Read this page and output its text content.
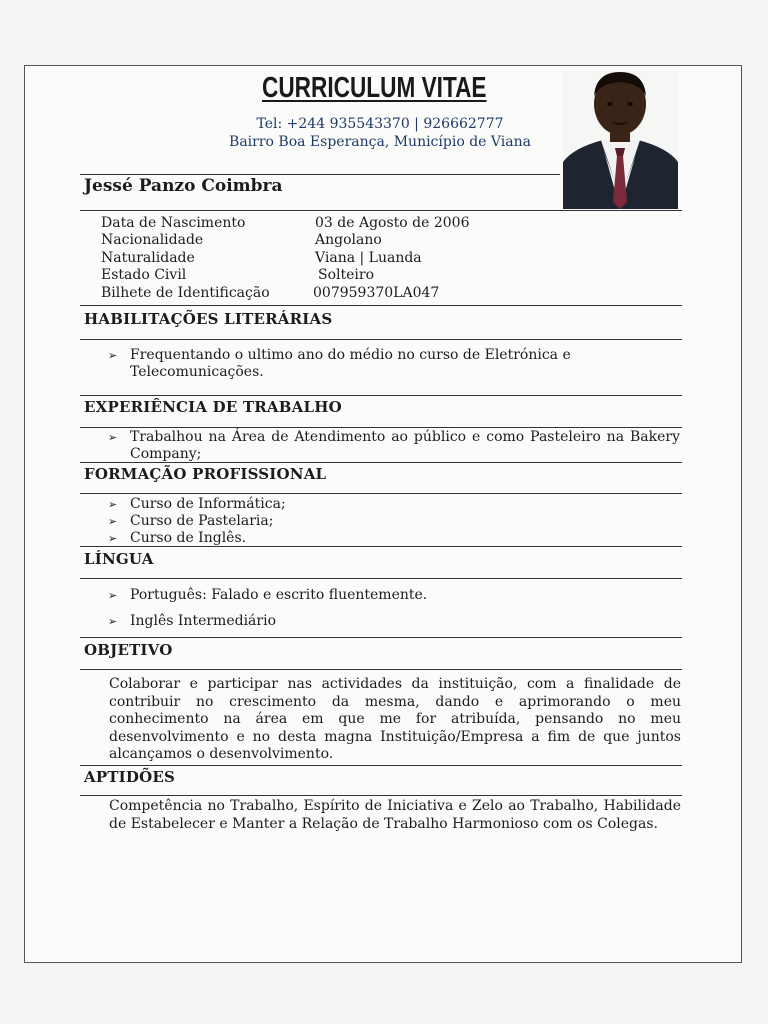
CURRICULUM VITAE
Tel: +244 935543370 | 926662777
Bairro Boa Esperança, Município de Viana
Jessé Panzo Coimbra
Data de Nascimento	03 de Agosto de 2006
Nacionalidade	Angolano
Naturalidade	Viana | Luanda
Estado Civil	Solteiro
Bilhete de Identificação	007959370LA047
HABILITAÇÕES LITERÁRIAS
➢ Frequentando o ultimo ano do médio no curso de Eletrónica e Telecomunicações.
EXPERIÊNCIA DE TRABALHO
➢ Trabalhou na Área de Atendimento ao público e como Pasteleiro na Bakery Company;
FORMAÇÃO PROFISSIONAL
➢ Curso de Informática;
➢ Curso de Pastelaria;
➢ Curso de Inglês.
LÍNGUA
➢ Português: Falado e escrito fluentemente.
➢ Inglês Intermediário
OBJETIVO
Colaborar e participar nas actividades da instituição, com a finalidade de contribuir no crescimento da mesma, dando e aprimorando o meu conhecimento na área em que me for atribuída, pensando no meu desenvolvimento e no desta magna Instituição/Empresa a fim de que juntos alcançamos o desenvolvimento.
APTIDÕES
Competência no Trabalho, Espírito de Iniciativa e Zelo ao Trabalho, Habilidade de Estabelecer e Manter a Relação de Trabalho Harmonioso com os Colegas.
